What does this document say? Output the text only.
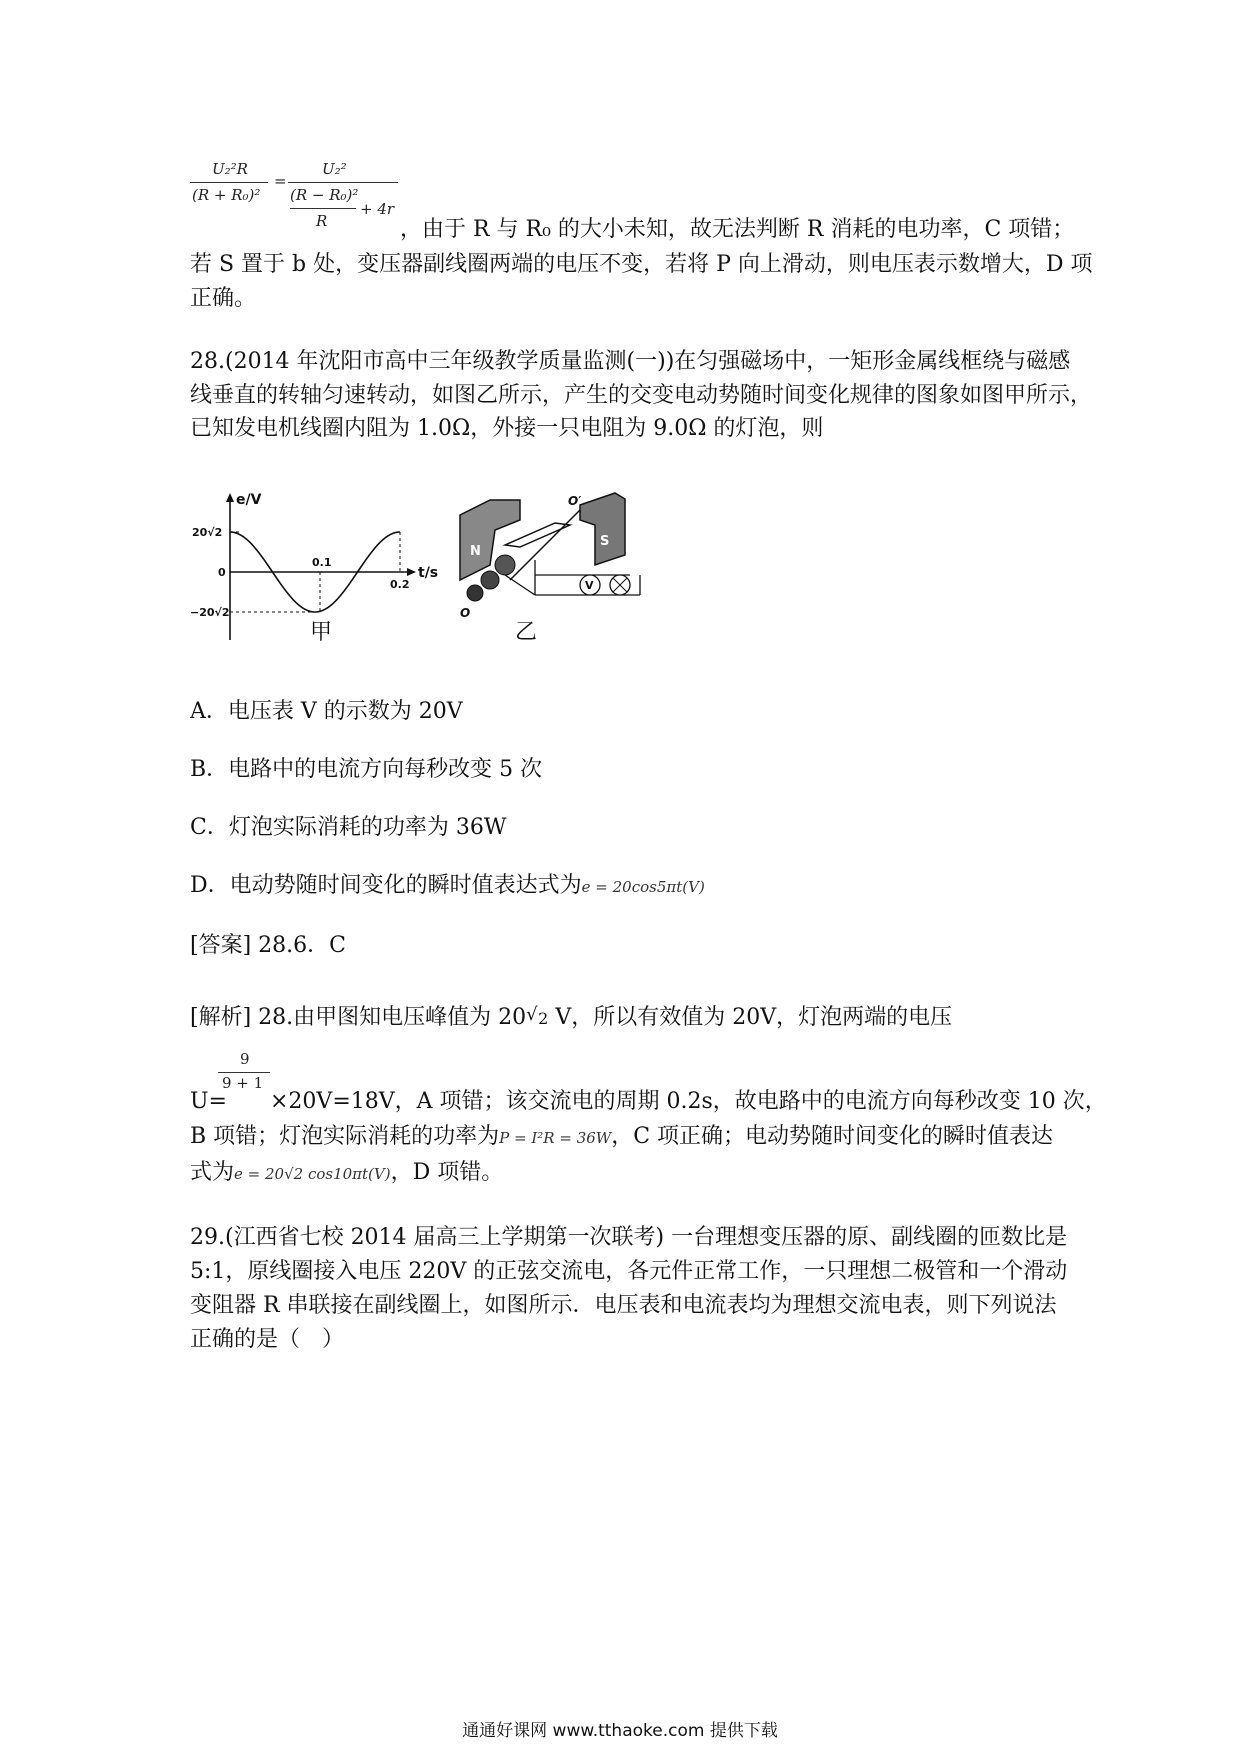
U₂²R
(R + R₀)²
=
U₂²
(R − R₀)²
+ 4r
R	，由于 R 与 R₀ 的大小未知，故无法判断 R 消耗的电功率，C 项错；
若 S 置于 b 处，变压器副线圈两端的电压不变，若将 P 向上滑动，则电压表示数增大，D 项
正确。
28.(2014 年沈阳市高中三年级教学质量监测(一))在匀强磁场中，一矩形金属线框绕与磁感
线垂直的转轴匀速转动，如图乙所示，产生的交变电动势随时间变化规律的图象如图甲所示，
已知发电机线圈内阻为 1.0Ω，外接一只电阻为 9.0Ω 的灯泡，则
e/V
t/s
20√2
−20√2
0
0.1
0.2
甲
N
S
O
O′
V
乙
A．电压表 V 的示数为 20V
B．电路中的电流方向每秒改变 5 次
C．灯泡实际消耗的功率为 36W
D．电动势随时间变化的瞬时值表达式为e = 20cos5πt(V)
[答案] 28.6．C
[解析] 28.由甲图知电压峰值为 20√ 2 V，所以有效值为 20V，灯泡两端的电压
9
9 + 1
U= ×20V=18V，A 项错；该交流电的周期 0.2s，故电路中的电流方向每秒改变 10 次，
B 项错；灯泡实际消耗的功率为P = I²R = 36W，C 项正确；电动势随时间变化的瞬时值表达
式为e = 20√2 cos10πt(V)，D 项错。
29.(江西省七校 2014 届高三上学期第一次联考) 一台理想变压器的原、副线圈的匝数比是
5:1，原线圈接入电压 220V 的正弦交流电，各元件正常工作，一只理想二极管和一个滑动
变阻器 R 串联接在副线圈上，如图所示．电压表和电流表均为理想交流电表，则下列说法
正确的是（　）
通通好课网 www.tthaoke.com 提供下载
